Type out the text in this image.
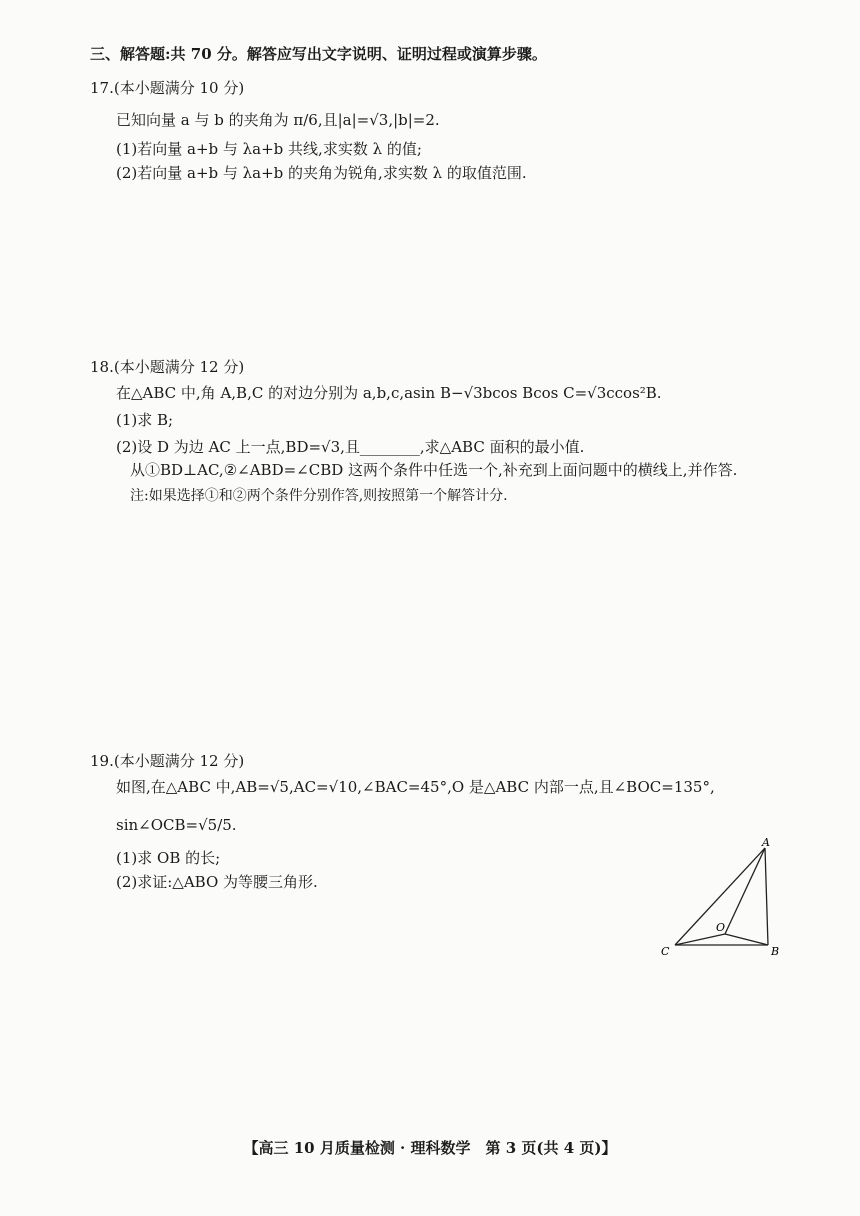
三、解答题:共 70 分。解答应写出文字说明、证明过程或演算步骤。
17.(本小题满分 10 分)
已知向量 a 与 b 的夹角为 π/6,且|a|=√3,|b|=2.
(1)若向量 a+b 与 λa+b 共线,求实数 λ 的值;
(2)若向量 a+b 与 λa+b 的夹角为锐角,求实数 λ 的取值范围.
18.(本小题满分 12 分)
在△ABC 中,角 A,B,C 的对边分别为 a,b,c,asin B−√3bcos Bcos C=√3ccos²B.
(1)求 B;
(2)设 D 为边 AC 上一点,BD=√3,且________,求△ABC 面积的最小值.
从①BD⊥AC,②∠ABD=∠CBD 这两个条件中任选一个,补充到上面问题中的横线上,并作答.
注:如果选择①和②两个条件分别作答,则按照第一个解答计分.
19.(本小题满分 12 分)
如图,在△ABC 中,AB=√5,AC=√10,∠BAC=45°,O 是△ABC 内部一点,且∠BOC=135°,
sin∠OCB=√5/5.
(1)求 OB 的长;
(2)求证:△ABO 为等腰三角形.
A
B
C
O
【高三 10 月质量检测 · 理科数学　第 3 页(共 4 页)】
